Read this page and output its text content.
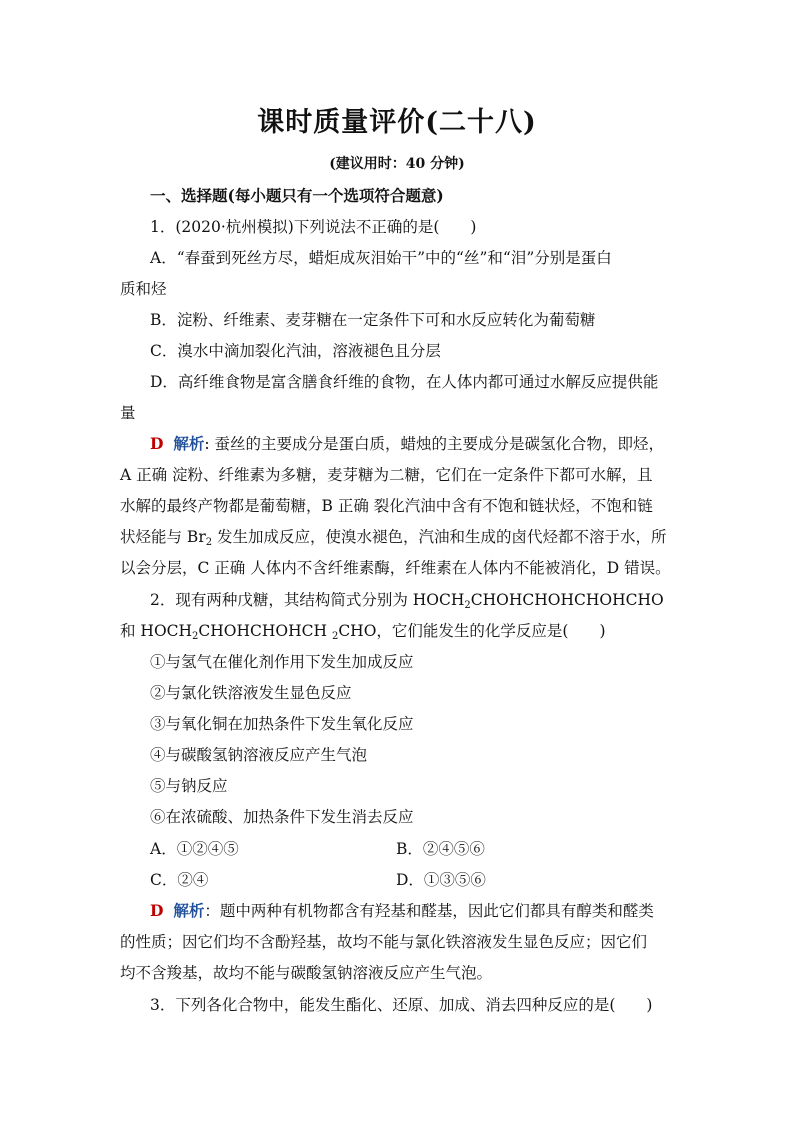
课时质量评价(二十八)
(建议用时：40 分钟)
一、选择题(每小题只有一个选项符合题意)
1．(2020·杭州模拟)下列说法不正确的是(　　)
A．“春蚕到死丝方尽，蜡炬成灰泪始干”中的“丝”和“泪”分别是蛋白
质和烃
B．淀粉、纤维素、麦芽糖在一定条件下可和水反应转化为葡萄糖
C．溴水中滴加裂化汽油，溶液褪色且分层
D．高纤维食物是富含膳食纤维的食物，在人体内都可通过水解反应提供能
量
D 解析: 蚕丝的主要成分是蛋白质，蜡烛的主要成分是碳氢化合物，即烃，
A 正确 淀粉、纤维素为多糖，麦芽糖为二糖，它们在一定条件下都可水解，且
水解的最终产物都是葡萄糖，B 正确 裂化汽油中含有不饱和链状烃，不饱和链
状烃能与 $Br_2$ 发生加成反应，使溴水褪色，汽油和生成的卤代烃都不溶于水，所
以会分层，C 正确 人体内不含纤维素酶，纤维素在人体内不能被消化，D 错误。
2．现有两种戊糖，其结构简式分别为 $HOCH_2CHOHCHOHCHOHCHO$
和 $HOCH_2CHOHCHOHCH$ $_2$CHO，它们能发生的化学反应是(　　)
①与氢气在催化剂作用下发生加成反应
②与氯化铁溶液发生显色反应
③与氧化铜在加热条件下发生氧化反应
④与碳酸氢钠溶液反应产生气泡
⑤与钠反应
⑥在浓硫酸、加热条件下发生消去反应
A．①②④⑤	B．②④⑤⑥
C．②④	D．①③⑤⑥
D 解析：题中两种有机物都含有羟基和醛基，因此它们都具有醇类和醛类
的性质；因它们均不含酚羟基，故均不能与氯化铁溶液发生显色反应；因它们
均不含羧基，故均不能与碳酸氢钠溶液反应产生气泡。
3．下列各化合物中，能发生酯化、还原、加成、消去四种反应的是(　　)
